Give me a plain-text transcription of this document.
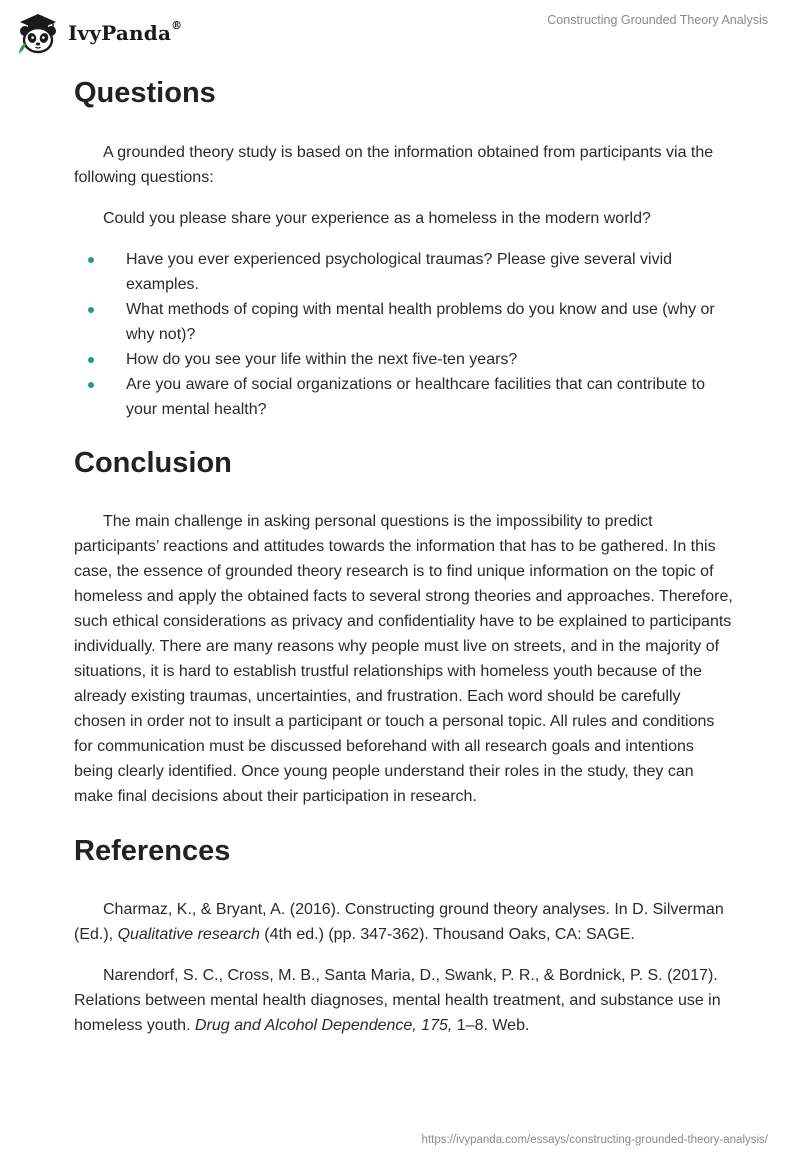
IvyPanda®	Constructing Grounded Theory Analysis
Questions

A grounded theory study is based on the information obtained from participants via the following questions:

Could you please share your experience as a homeless in the modern world?

Have you ever experienced psychological traumas? Please give several vivid examples.
What methods of coping with mental health problems do you know and use (why or why not)?
How do you see your life within the next five-ten years?
Are you aware of social organizations or healthcare facilities that can contribute to your mental health?
Conclusion

The main challenge in asking personal questions is the impossibility to predict participants’ reactions and attitudes towards the information that has to be gathered. In this case, the essence of grounded theory research is to find unique information on the topic of homeless and apply the obtained facts to several strong theories and approaches. Therefore, such ethical considerations as privacy and confidentiality have to be explained to participants individually. There are many reasons why people must live on streets, and in the majority of situations, it is hard to establish trustful relationships with homeless youth because of the already existing traumas, uncertainties, and frustration. Each word should be carefully chosen in order not to insult a participant or touch a personal topic. All rules and conditions for communication must be discussed beforehand with all research goals and intentions being clearly identified. Once young people understand their roles in the study, they can make final decisions about their participation in research.

References

Charmaz, K., & Bryant, A. (2016). Constructing ground theory analyses. In D. Silverman (Ed.), Qualitative research (4th ed.) (pp. 347-362). Thousand Oaks, CA: SAGE.

Narendorf, S. C., Cross, M. B., Santa Maria, D., Swank, P. R., & Bordnick, P. S. (2017). Relations between mental health diagnoses, mental health treatment, and substance use in homeless youth. Drug and Alcohol Dependence, 175, 1–8. Web.

https://ivypanda.com/essays/constructing-grounded-theory-analysis/
